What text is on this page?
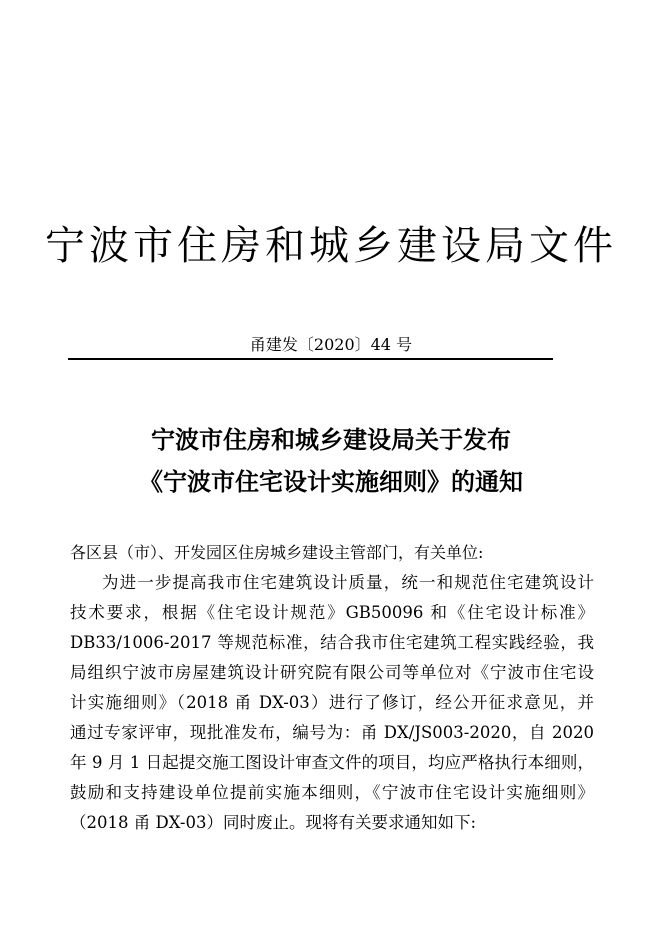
宁波市住房和城乡建设局文件
甬建发〔2020〕44 号
宁波市住房和城乡建设局关于发布
《宁波市住宅设计实施细则》的通知
各区县（市）、开发园区住房城乡建设主管部门，有关单位:
为进一步提高我市住宅建筑设计质量，统一和规范住宅建筑设计
技术要求，根据《住宅设计规范》GB50096 和《住宅设计标准》
DB33/1006-2017 等规范标准，结合我市住宅建筑工程实践经验，我
局组织宁波市房屋建筑设计研究院有限公司等单位对《宁波市住宅设
计实施细则》（2018 甬 DX-03）进行了修订，经公开征求意见，并
通过专家评审，现批准发布，编号为：甬 DX/JS003-2020，自 2020
年 9 月 1 日起提交施工图设计审查文件的项目，均应严格执行本细则，
鼓励和支持建设单位提前实施本细则，《宁波市住宅设计实施细则》
（2018 甬 DX-03）同时废止。现将有关要求通知如下:
